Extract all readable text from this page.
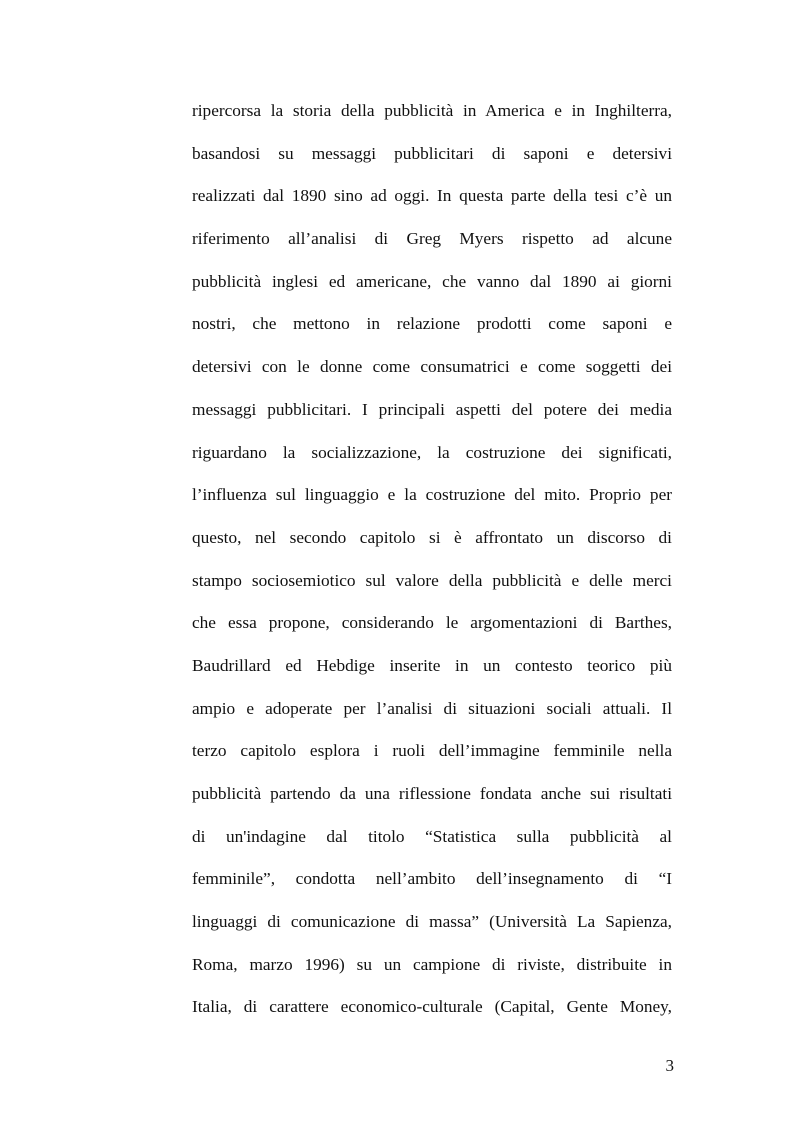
ripercorsa la storia della pubblicità in America e in Inghilterra,
basandosi su messaggi pubblicitari di saponi e detersivi
realizzati dal 1890 sino ad oggi. In questa parte della tesi c’è un
riferimento all’analisi di Greg Myers rispetto ad alcune
pubblicità inglesi ed americane, che vanno dal 1890 ai giorni
nostri, che mettono in relazione prodotti come saponi e
detersivi con le donne come consumatrici e come soggetti dei
messaggi pubblicitari. I principali aspetti del potere dei media
riguardano la socializzazione, la costruzione dei significati,
l’influenza sul linguaggio e la costruzione del mito. Proprio per
questo, nel secondo capitolo si è affrontato un discorso di
stampo sociosemiotico sul valore della pubblicità e delle merci
che essa propone, considerando le argomentazioni di Barthes,
Baudrillard ed Hebdige inserite in un contesto teorico più
ampio e adoperate per l’analisi di situazioni sociali attuali. Il
terzo capitolo esplora i ruoli dell’immagine femminile nella
pubblicità partendo da una riflessione fondata anche sui risultati
di un'indagine dal titolo “Statistica sulla pubblicità al
femminile”, condotta nell’ambito dell’insegnamento di “I
linguaggi di comunicazione di massa” (Università La Sapienza,
Roma, marzo 1996) su un campione di riviste, distribuite in
Italia, di carattere economico-culturale (Capital, Gente Money,
3
